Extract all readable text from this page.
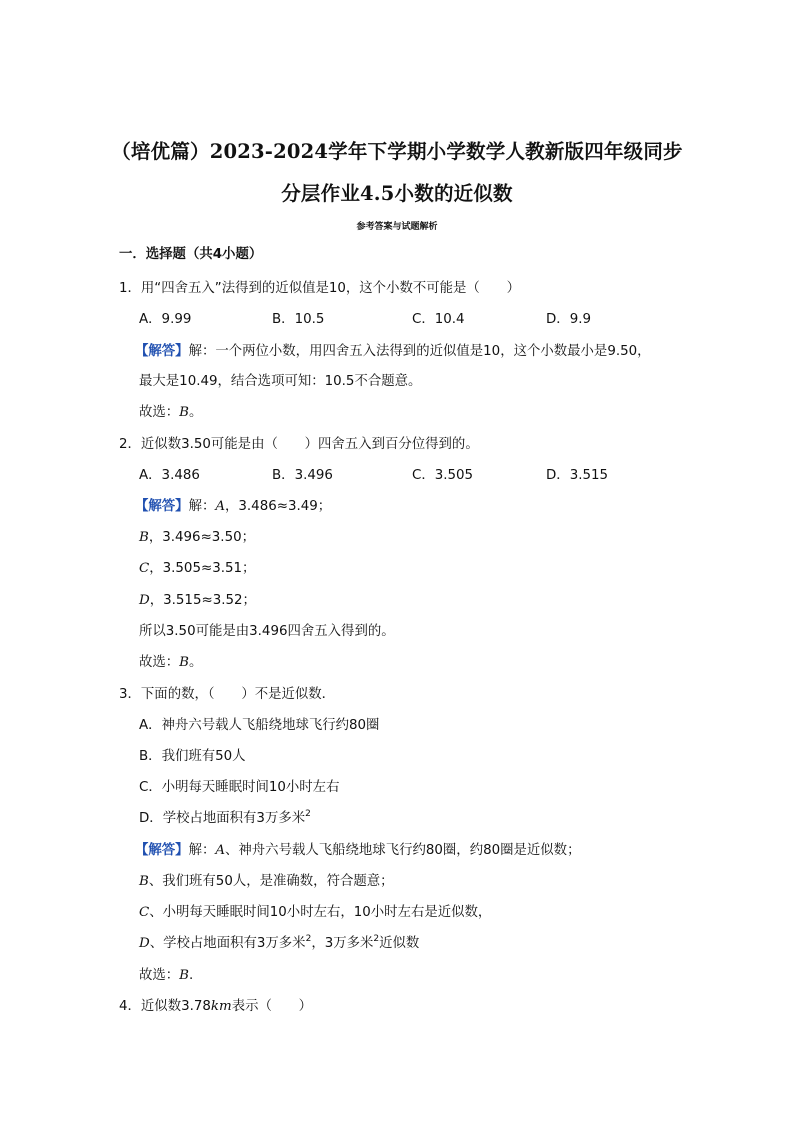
（培优篇）2023-2024学年下学期小学数学人教新版四年级同步
分层作业4.5小数的近似数
参考答案与试题解析
一．选择题（共4小题）
1．用“四舍五入”法得到的近似值是10，这个小数不可能是（　　）
A．9.99	B．10.5	C．10.4	D．9.9
【解答】解：一个两位小数，用四舍五入法得到的近似值是10，这个小数最小是9.50，
最大是10.49，结合选项可知：10.5不合题意。
故选：B。
2．近似数3.50可能是由（　　）四舍五入到百分位得到的。
A．3.486	B．3.496	C．3.505	D．3.515
【解答】解：A，3.486≈3.49；
B，3.496≈3.50；
C，3.505≈3.51；
D，3.515≈3.52；
所以3.50可能是由3.496四舍五入得到的。
故选：B。
3．下面的数，（　　）不是近似数．
A．神舟六号载人飞船绕地球飞行约80圈
B．我们班有50人
C．小明每天睡眠时间10小时左右
D．学校占地面积有3万多米$^2$
【解答】解：A、神舟六号载人飞船绕地球飞行约80圈，约80圈是近似数；
B、我们班有50人，是准确数，符合题意；
C、小明每天睡眠时间10小时左右，10小时左右是近似数，
D、学校占地面积有3万多米$^2$，3万多米$^2$近似数
故选：B.
4．近似数3.78km表示（　　）
